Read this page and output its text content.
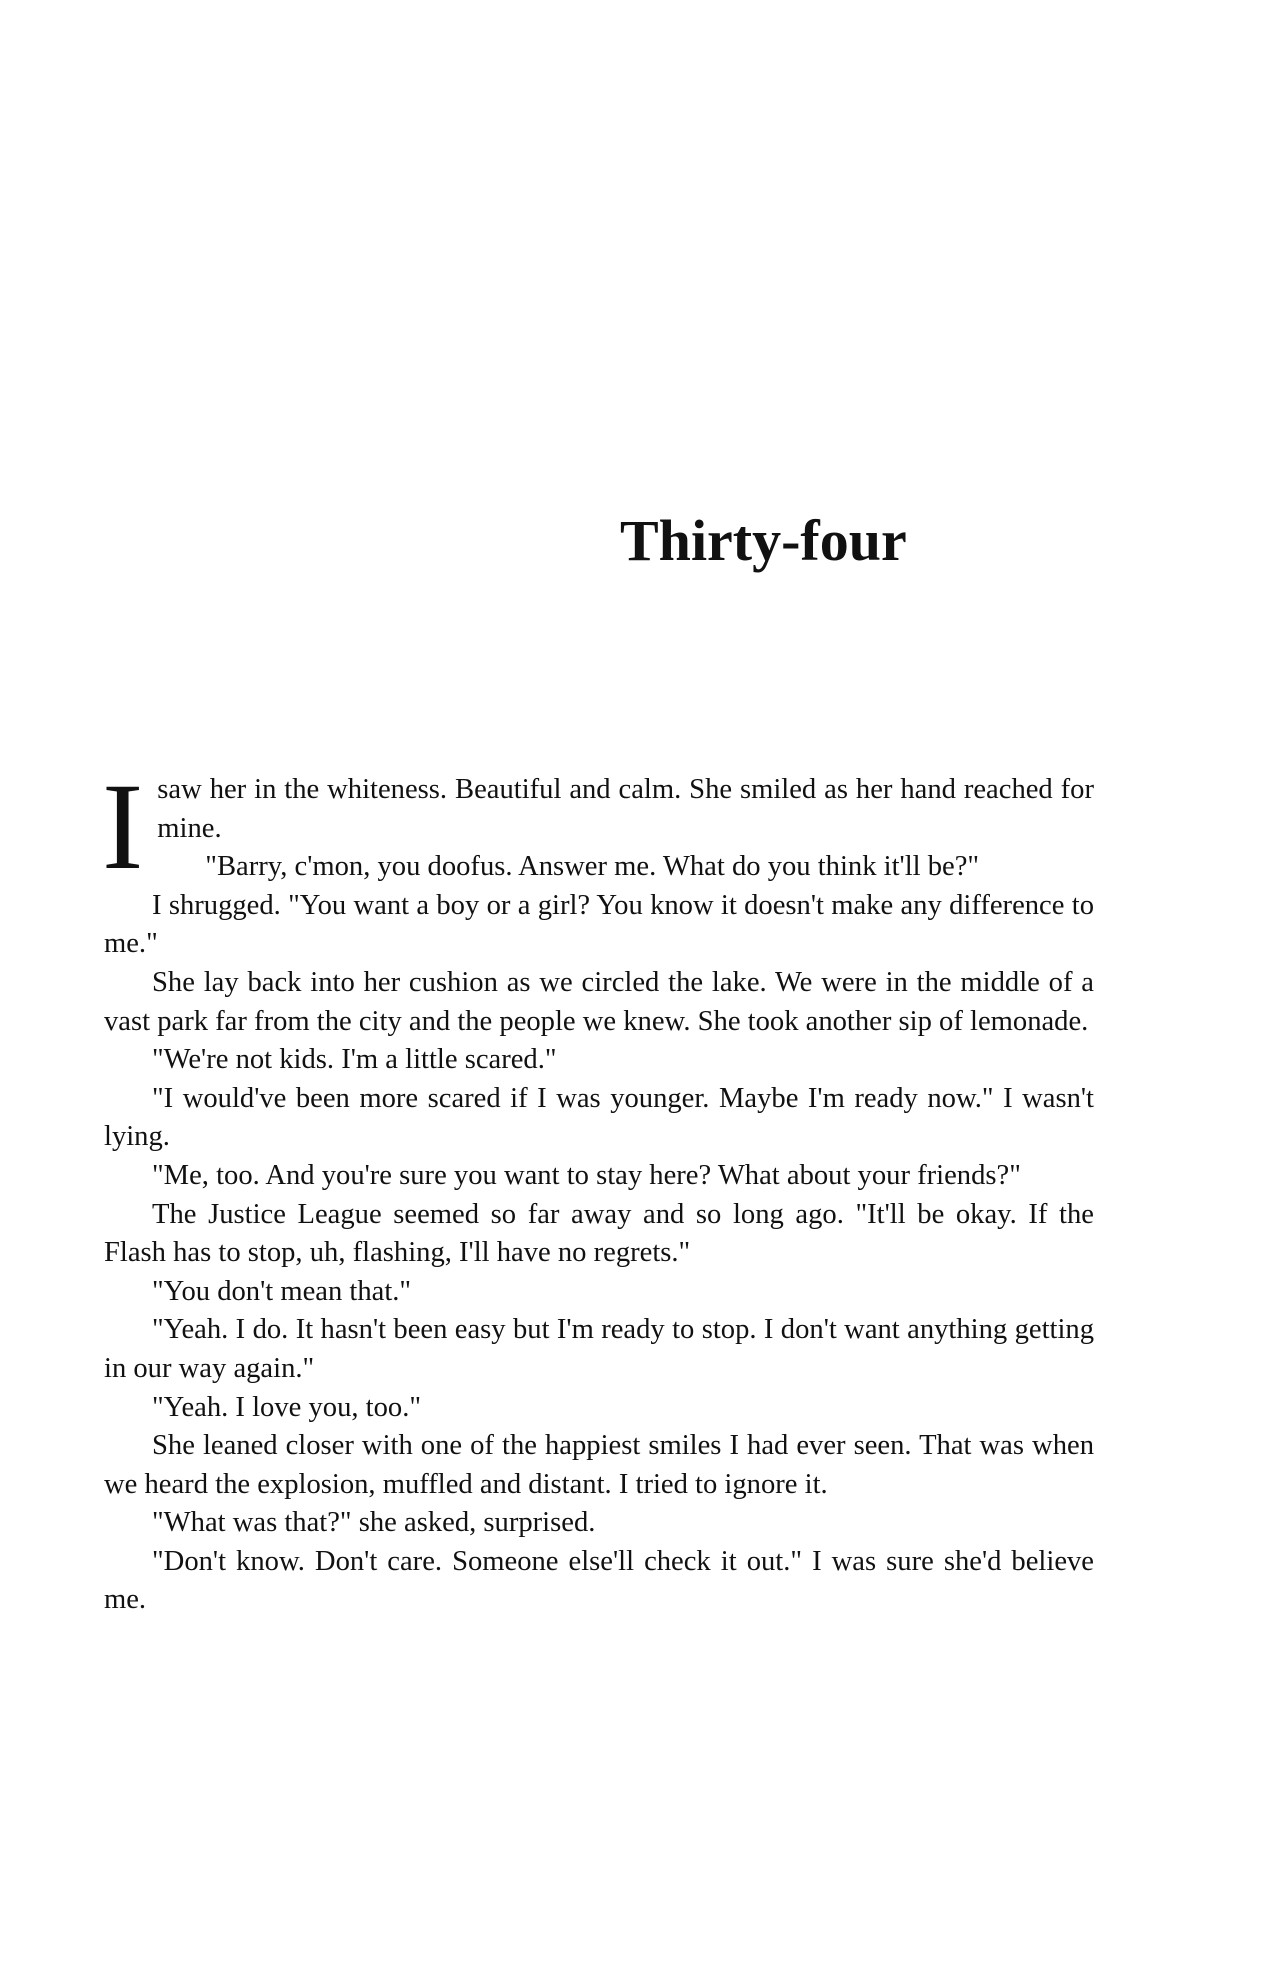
Thirty-four

I saw her in the whiteness. Beautiful and calm. She smiled as her hand reached for mine.

"Barry, c'mon, you doofus. Answer me. What do you think it'll be?"

I shrugged. "You want a boy or a girl? You know it doesn't make any difference to me."

She lay back into her cushion as we circled the lake. We were in the middle of a vast park far from the city and the people we knew. She took another sip of lemonade.

"We're not kids. I'm a little scared."

"I would've been more scared if I was younger. Maybe I'm ready now." I wasn't lying.

"Me, too. And you're sure you want to stay here? What about your friends?"

The Justice League seemed so far away and so long ago. "It'll be okay. If the Flash has to stop, uh, flashing, I'll have no regrets."

"You don't mean that."

"Yeah. I do. It hasn't been easy but I'm ready to stop. I don't want anything getting in our way again."

"Yeah. I love you, too."

She leaned closer with one of the happiest smiles I had ever seen. That was when we heard the explosion, muffled and distant. I tried to ignore it.

"What was that?" she asked, surprised.

"Don't know. Don't care. Someone else'll check it out." I was sure she'd believe me.
